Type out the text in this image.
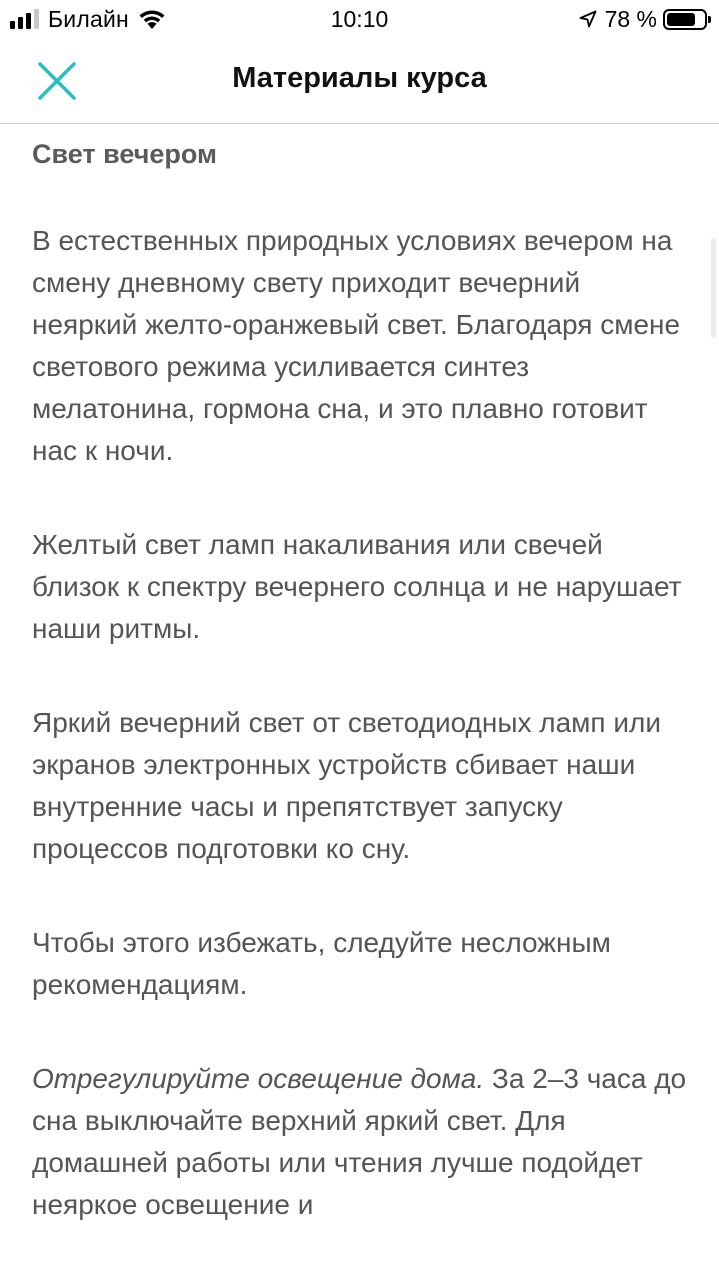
Билайн	10:10	78 %
Материалы курса
Свет вечером

В естественных природных условиях вечером на смену дневному свету приходит вечерний неяркий желто-оранжевый свет. Благодаря смене светового режима усиливается синтез мелатонина, гормона сна, и это плавно готовит нас к ночи.

Желтый свет ламп накаливания или свечей близок к спектру вечернего солнца и не нарушает наши ритмы.

Яркий вечерний свет от светодиодных ламп или экранов электронных устройств сбивает наши внутренние часы и препятствует запуску процессов подготовки ко сну.

Чтобы этого избежать, следуйте несложным рекомендациям.

Отрегулируйте освещение дома. За 2–3 часа до сна выключайте верхний яркий свет. Для домашней работы или чтения лучше подойдет неяркое освещение и
